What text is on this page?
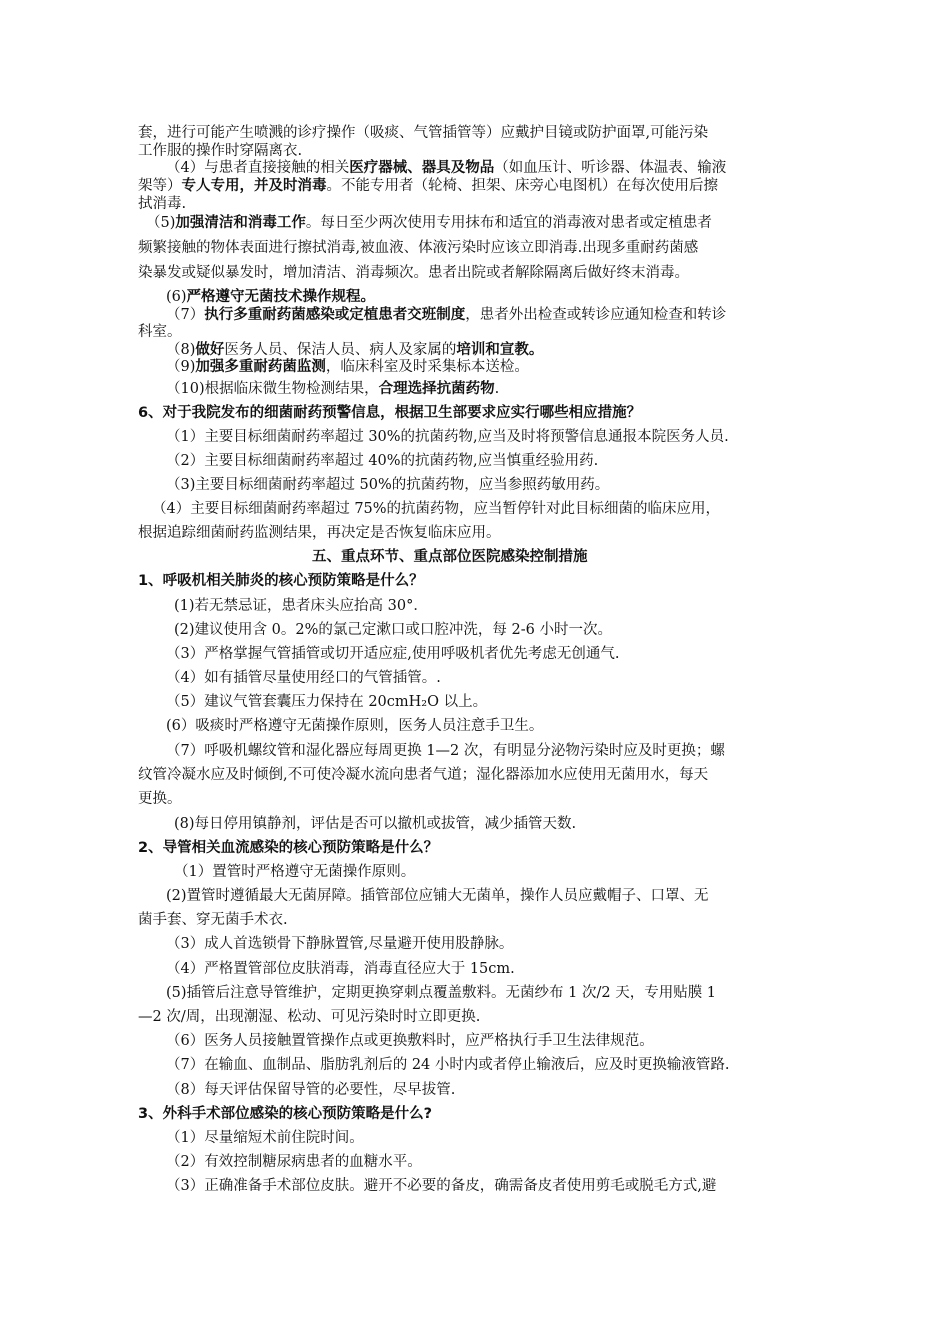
套，进行可能产生喷溅的诊疗操作（吸痰、气管插管等）应戴护目镜或防护面罩,可能污染
工作服的操作时穿隔离衣.
（4）与患者直接接触的相关医疗器械、器具及物品（如血压计、听诊器、体温表、输液
架等）专人专用，并及时消毒。不能专用者（轮椅、担架、床旁心电图机）在每次使用后擦
拭消毒.
（5)加强清洁和消毒工作。每日至少两次使用专用抹布和适宜的消毒液对患者或定植患者
频繁接触的物体表面进行擦拭消毒,被血液、体液污染时应该立即消毒.出现多重耐药菌感
染暴发或疑似暴发时，增加清洁、消毒频次。患者出院或者解除隔离后做好终末消毒。
(6)严格遵守无菌技术操作规程。
（7）执行多重耐药菌感染或定植患者交班制度，患者外出检查或转诊应通知检查和转诊
科室。
（8)做好医务人员、保洁人员、病人及家属的培训和宣教。
（9)加强多重耐药菌监测，临床科室及时采集标本送检。
（10)根据临床微生物检测结果，合理选择抗菌药物.
6、对于我院发布的细菌耐药预警信息，根据卫生部要求应实行哪些相应措施？
（1）主要目标细菌耐药率超过 30%的抗菌药物,应当及时将预警信息通报本院医务人员.
（2）主要目标细菌耐药率超过 40%的抗菌药物,应当慎重经验用药.
（3)主要目标细菌耐药率超过 50%的抗菌药物，应当参照药敏用药。
（4）主要目标细菌耐药率超过 75%的抗菌药物，应当暂停针对此目标细菌的临床应用，
根据追踪细菌耐药监测结果，再决定是否恢复临床应用。
五、重点环节、重点部位医院感染控制措施
1、呼吸机相关肺炎的核心预防策略是什么？
(1)若无禁忌证，患者床头应抬高 30°．
(2)建议使用含 0。2%的氯己定漱口或口腔冲洗，每 2-6 小时一次。
（3）严格掌握气管插管或切开适应症,使用呼吸机者优先考虑无创通气.
（4）如有插管尽量使用经口的气管插管。.
（5）建议气管套囊压力保持在 20cmH₂O 以上。
(6）吸痰时严格遵守无菌操作原则，医务人员注意手卫生。
（7）呼吸机螺纹管和湿化器应每周更换 1—2 次，有明显分泌物污染时应及时更换；螺
纹管冷凝水应及时倾倒,不可使冷凝水流向患者气道；湿化器添加水应使用无菌用水，每天
更换。
(8)每日停用镇静剂，评估是否可以撤机或拔管，减少插管天数.
2、导管相关血流感染的核心预防策略是什么？
（1）置管时严格遵守无菌操作原则。
(2)置管时遵循最大无菌屏障。插管部位应铺大无菌单，操作人员应戴帽子、口罩、无
菌手套、穿无菌手术衣.
（3）成人首选锁骨下静脉置管,尽量避开使用股静脉。
（4）严格置管部位皮肤消毒，消毒直径应大于 15cm.
(5)插管后注意导管维护，定期更换穿刺点覆盖敷料。无菌纱布 1 次/2 天，专用贴膜 1
—2 次/周，出现潮湿、松动、可见污染时时立即更换.
（6）医务人员接触置管操作点或更换敷料时，应严格执行手卫生法律规范。
（7）在输血、血制品、脂肪乳剂后的 24 小时内或者停止输液后，应及时更换输液管路.
（8）每天评估保留导管的必要性，尽早拔管.
3、外科手术部位感染的核心预防策略是什么?
（1）尽量缩短术前住院时间。
（2）有效控制糖尿病患者的血糖水平。
（3）正确准备手术部位皮肤。避开不必要的备皮，确需备皮者使用剪毛或脱毛方式,避
